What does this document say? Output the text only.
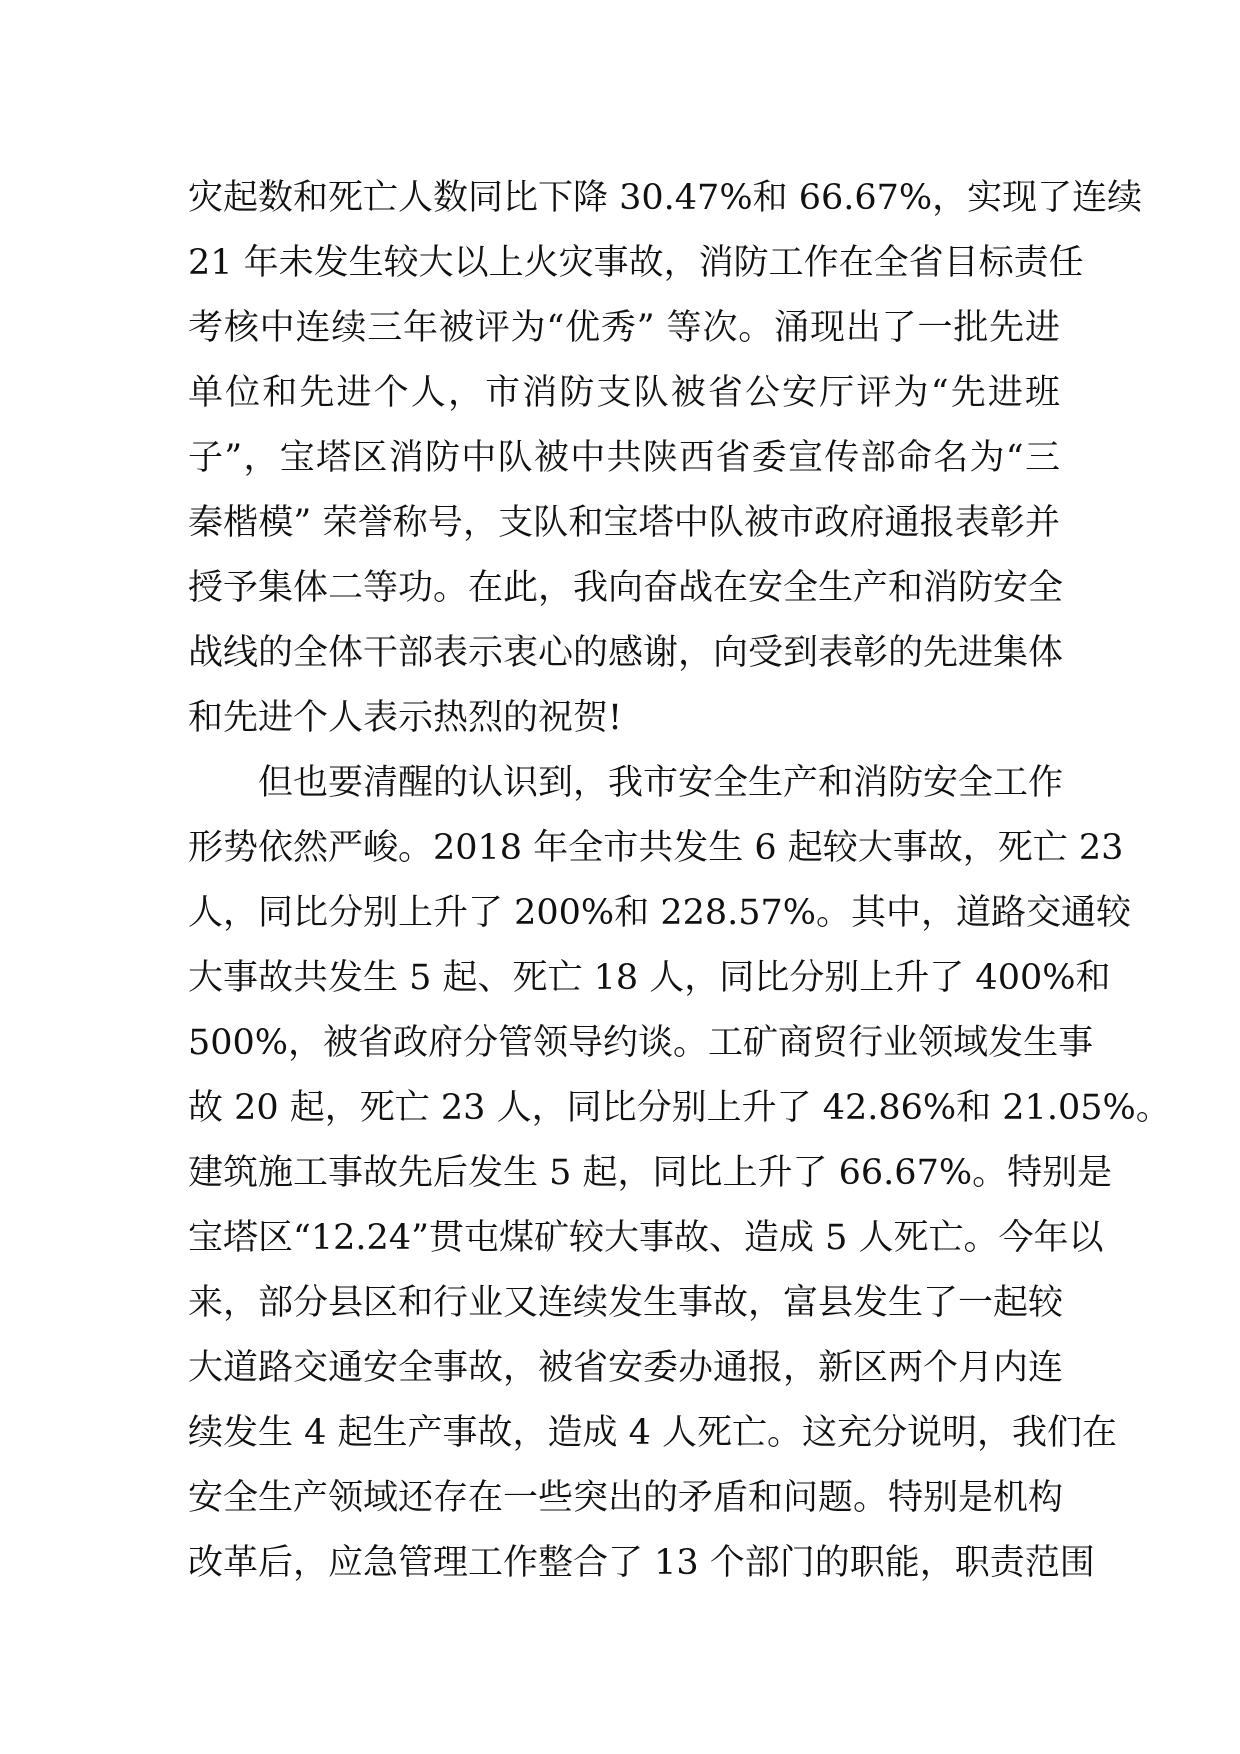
灾起数和死亡人数同比下降 30.47%和 66.67%，实现了连续
21 年未发生较大以上火灾事故，消防工作在全省目标责任
考核中连续三年被评为“优秀” 等次。涌现出了一批先进
单位和先进个人，市消防支队被省公安厅评为“先进班
子”，宝塔区消防中队被中共陕西省委宣传部命名为“三
秦楷模” 荣誉称号，支队和宝塔中队被市政府通报表彰并
授予集体二等功。在此，我向奋战在安全生产和消防安全
战线的全体干部表示衷心的感谢，向受到表彰的先进集体
和先进个人表示热烈的祝贺!
但也要清醒的认识到，我市安全生产和消防安全工作
形势依然严峻。2018 年全市共发生 6 起较大事故，死亡 23
人，同比分别上升了 200%和 228.57%。其中，道路交通较
大事故共发生 5 起、死亡 18 人，同比分别上升了 400%和
500%，被省政府分管领导约谈。工矿商贸行业领域发生事
故 20 起，死亡 23 人，同比分别上升了 42.86%和 21.05%。
建筑施工事故先后发生 5 起，同比上升了 66.67%。特别是
宝塔区“12.24”贯屯煤矿较大事故、造成 5 人死亡。今年以
来，部分县区和行业又连续发生事故，富县发生了一起较
大道路交通安全事故，被省安委办通报，新区两个月内连
续发生 4 起生产事故，造成 4 人死亡。这充分说明，我们在
安全生产领域还存在一些突出的矛盾和问题。特别是机构
改革后，应急管理工作整合了 13 个部门的职能，职责范围
